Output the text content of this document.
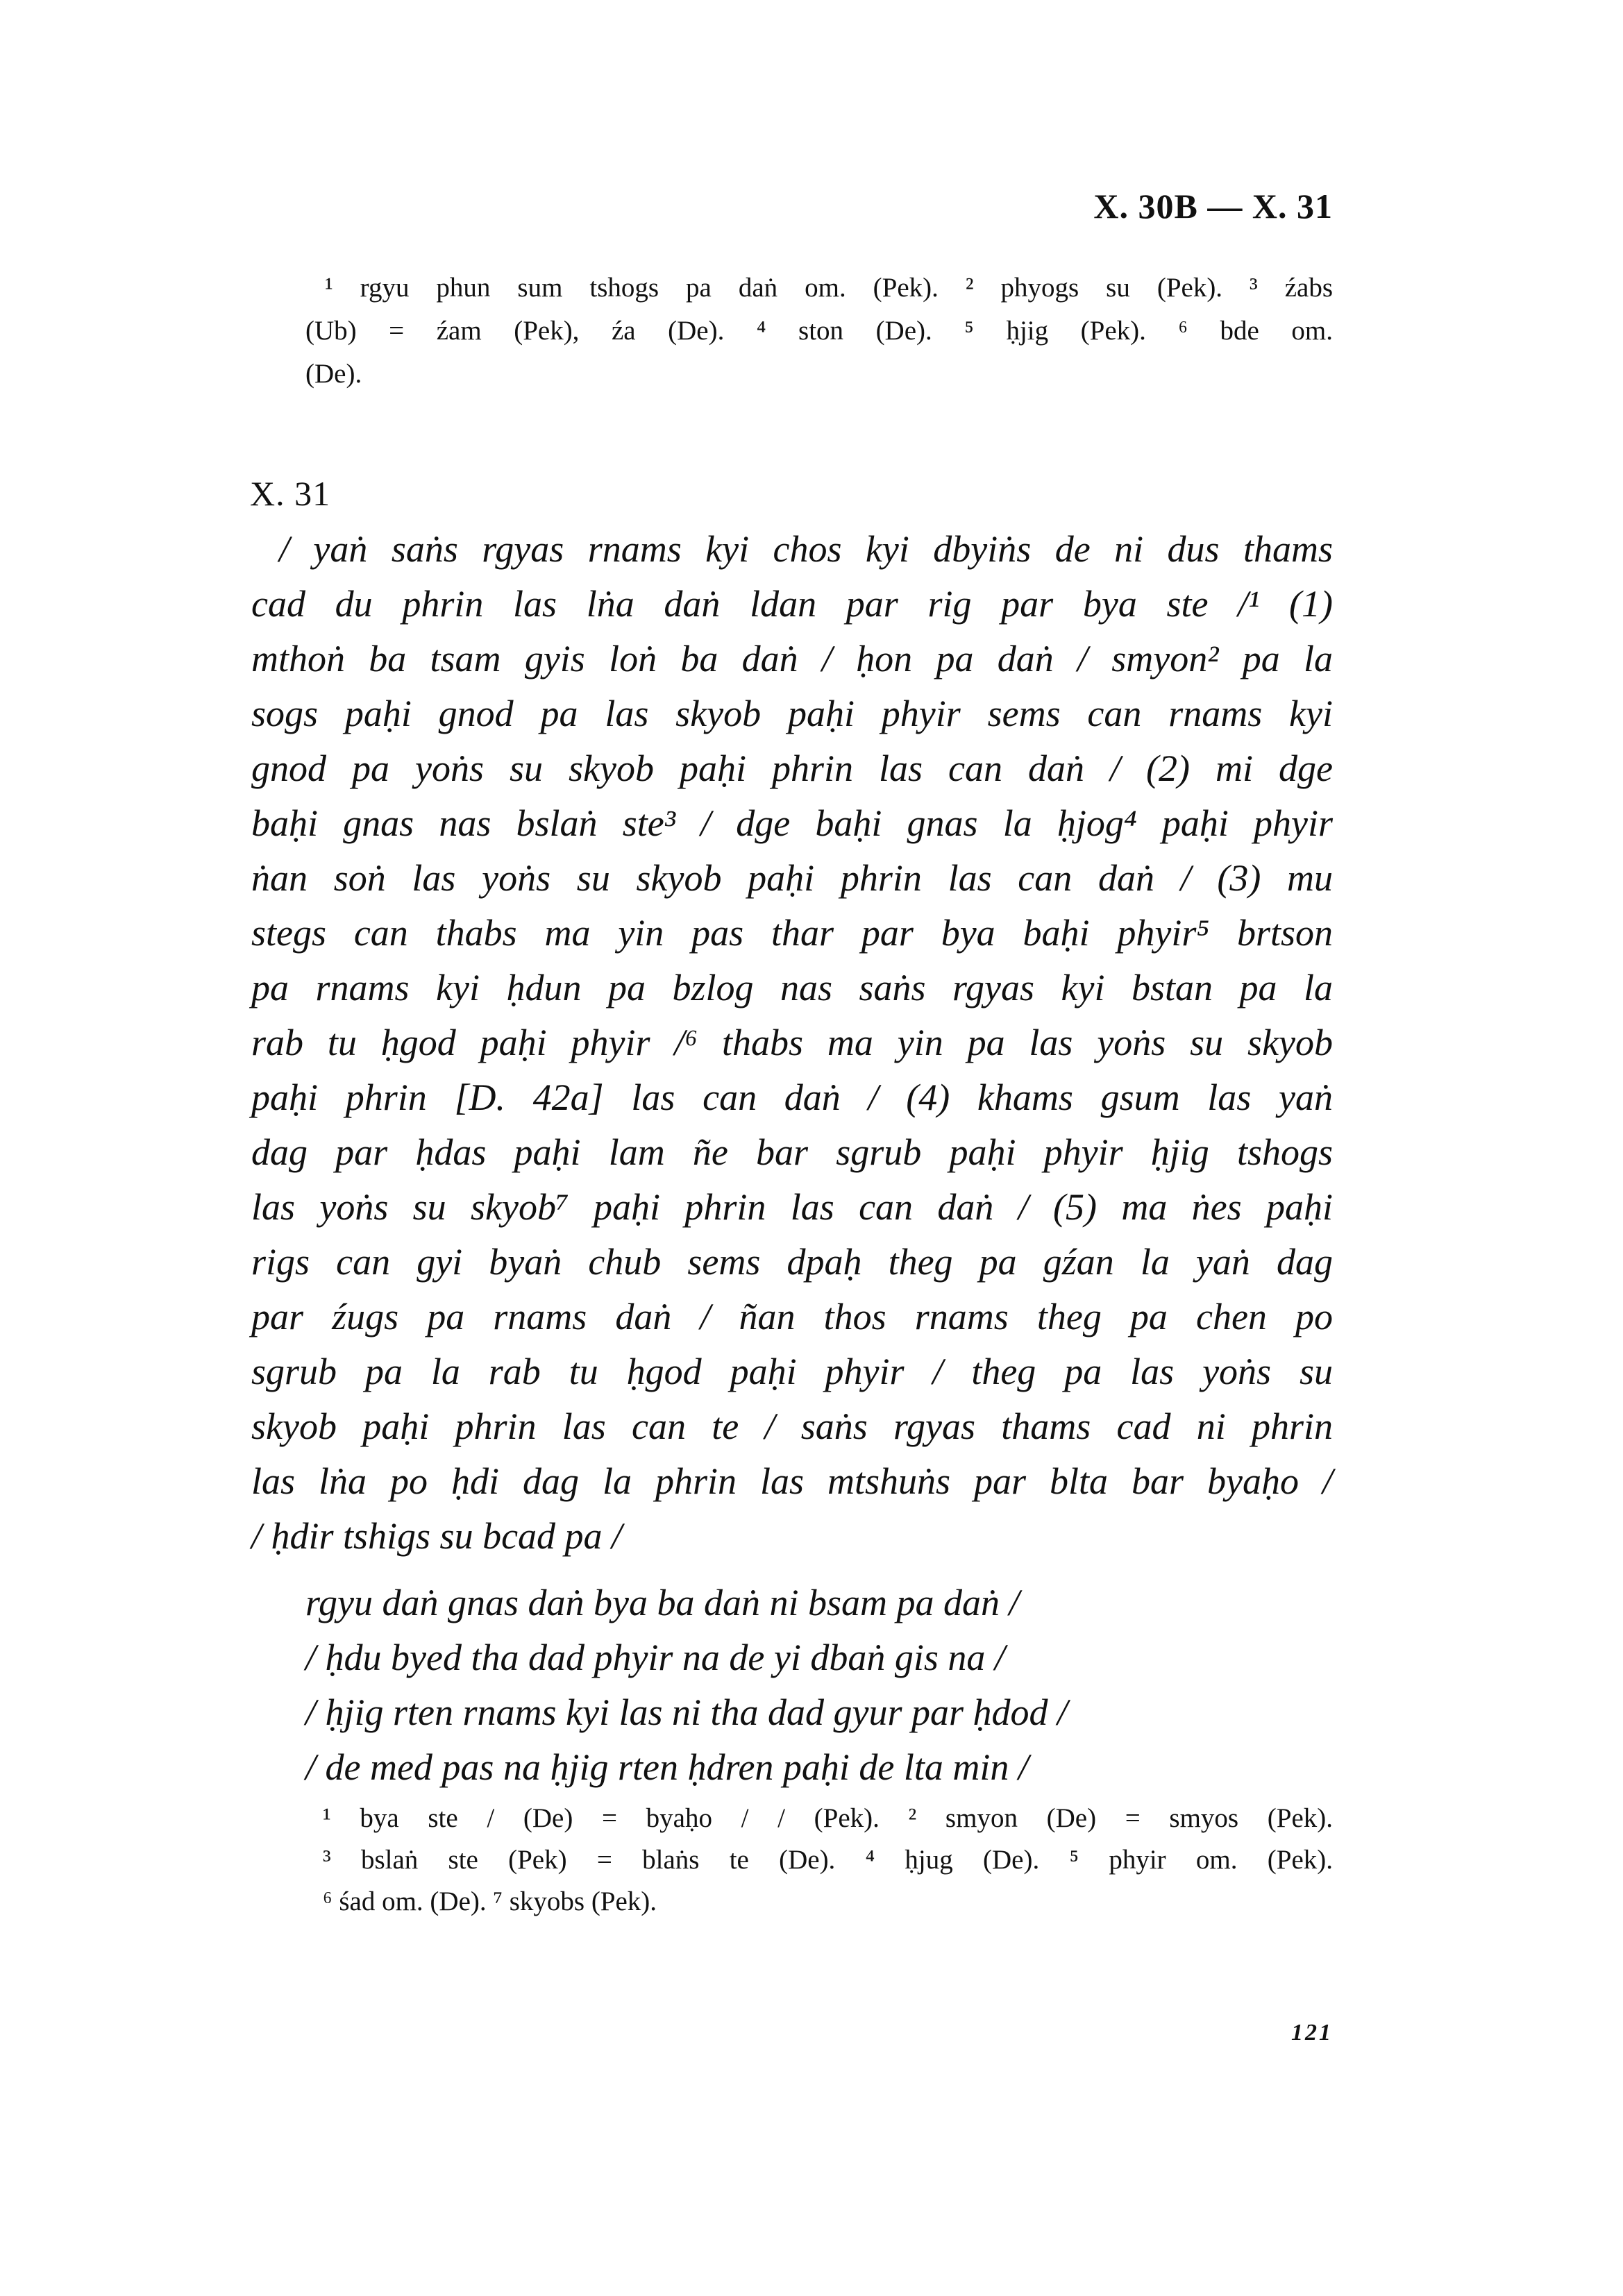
X. 30B — X. 31
¹ rgyu phun sum tshogs pa daṅ om. (Pek). ² phyogs su (Pek). ³ źabs
(Ub) = źam (Pek), źa (De). ⁴ ston (De). ⁵ ḥjig (Pek). ⁶ bde om.
(De).
X. 31
/ yaṅ saṅs rgyas rnams kyi chos kyi dbyiṅs de ni dus thams
cad du phrin las lṅa daṅ ldan par rig par bya ste /¹ (1)
mthoṅ ba tsam gyis loṅ ba daṅ / ḥon pa daṅ / smyon² pa la
sogs paḥi gnod pa las skyob paḥi phyir sems can rnams kyi
gnod pa yoṅs su skyob paḥi phrin las can daṅ / (2) mi dge
baḥi gnas nas bslaṅ ste³ / dge baḥi gnas la ḥjog⁴ paḥi phyir
ṅan soṅ las yoṅs su skyob paḥi phrin las can daṅ / (3) mu
stegs can thabs ma yin pas thar par bya baḥi phyir⁵ brtson
pa rnams kyi ḥdun pa bzlog nas saṅs rgyas kyi bstan pa la
rab tu ḥgod paḥi phyir /⁶ thabs ma yin pa las yoṅs su skyob
paḥi phrin [D. 42a] las can daṅ / (4) khams gsum las yaṅ
dag par ḥdas paḥi lam ñe bar sgrub paḥi phyir ḥjig tshogs
las yoṅs su skyob⁷ paḥi phrin las can daṅ / (5) ma ṅes paḥi
rigs can gyi byaṅ chub sems dpaḥ theg pa gźan la yaṅ dag
par źugs pa rnams daṅ / ñan thos rnams theg pa chen po
sgrub pa la rab tu ḥgod paḥi phyir / theg pa las yoṅs su
skyob paḥi phrin las can te / saṅs rgyas thams cad ni phrin
las lṅa po ḥdi dag la phrin las mtshuṅs par blta bar byaḥo /
/ ḥdir tshigs su bcad pa /
rgyu daṅ gnas daṅ bya ba daṅ ni bsam pa daṅ /
/ ḥdu byed tha dad phyir na de yi dbaṅ gis na /
/ ḥjig rten rnams kyi las ni tha dad gyur par ḥdod /
/ de med pas na ḥjig rten ḥdren paḥi de lta min /
¹ bya ste / (De) = byaḥo / / (Pek). ² smyon (De) = smyos (Pek).
³ bslaṅ ste (Pek) = blaṅs te (De). ⁴ ḥjug (De). ⁵ phyir om. (Pek).
⁶ śad om. (De). ⁷ skyobs (Pek).
121
